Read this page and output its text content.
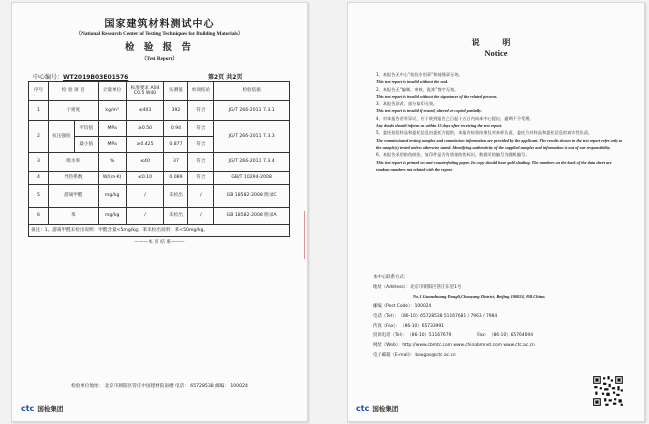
国家建筑材料测试中心
（National Research Center of Testing Techniques for Building Materials）
检 验 报 告
（Test Report）
中心编号：WT2019B03E01576	第2页 共2页
序号	检 验 项 目		计量单位	标准要求 A04 C0.5 W40	实测值	单项结论	检验依据
1	干密度		kg/m³	≤403	392	符合	JG/T 266-2011 7.3.1
2	抗压强度	平均值	MPa	≥0.50	0.94	符合	JG/T 266-2011 7.3.3
		最小值	MPa	≥0.425	0.877	符合	
3	吸水率		%	≤40	37	符合	JG/T 266-2011 7.3.4
4	导热系数		W/(m·K)	≤0.10	0.089	符合	GB/T 10294-2008
5	游离甲醛		mg/kg	/	未检出	/	GB 18582-2008 附录C
6	苯		mg/kg	/	未检出	/	GB 18582-2008 附录A
备注：1、游离甲醛未检出说明：甲醛含量<5mg/kg；苯未检出说明：苯<50mg/kg。							
———本 页 结 束———
检验单位地址： 北京市朝阳区管庄中国建材院南楼 电话： 65728538 邮编： 100024
ctc 国检集团
说 明
Notice
1、本报告无中心“检验专用章”和骑缝章无效。
This test report is invalid without the seal.
2、本报告无“编制、审核、批准”签字无效。
This test report is invalid without the signatures of the related persons.
3、本报告涂改、部分复印无效。
This test report is invalid if erased, altered or copied partially.
4、对本报告若有异议，应于收到报告之日起十五日内向本中心提出，逾期不予受理。
Any doubt should inform us within 15 days after receiving the test report.
5、委托检验样品和委托信息由委托方提供，本报告检验结果仅对来样负责，委托方对样品和委托信息的真实性负责。
The commissioned testing samples and commission information are provided by the applicant. The results shown in the test report refer only to the sample(s) tested unless otherwise stated. Identifying authenticity of the supplied samples and information is out of our responsibility.
6、本报告采用防伪纸张，复印件是否有烫金防伪标识，数据页的编号为随机编号。
This test report is printed on anti-counterfeiting paper. Its copy should have gold shading. The numbers on the back of the data sheet are random numbers not related with the report.
本中心联系方式：
地址（Address）：北京市朝阳区管庄东里1号
No.1 Guanzhuang Dongli,Chaoyang District, Beijing 100024, P.R.China.
邮编（Post Code）：100024
电话（Tel）：（86-10）65728538 51167681 / 7963 / 7984
传真（Fax）：（86-10）65733991
投诉电话（Tel）：（86-10）51167679	Fax：（86-10）65764694
网址（Web）：http://www.cbmtc.com www.chinabmnet.com www.ctc.ac.cn
电子邮箱（E-mail）：baogao@ctc.ac.cn
ctc 国检集团
